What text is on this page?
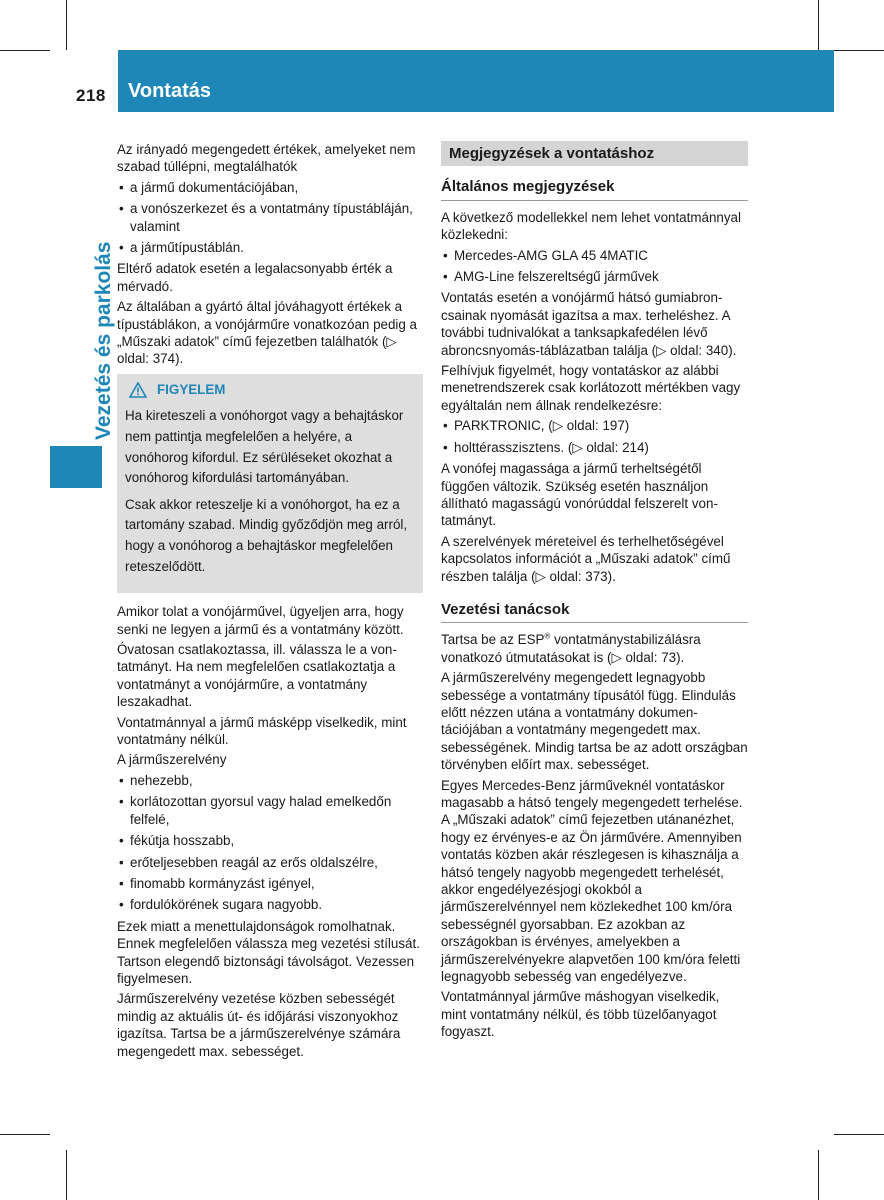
218 Vontatás
Vezetés és parkolás

Az irányadó megengedett értékek, amelyeket nem szabad túllépni, megtalálhatók

• a jármű dokumentációjában,
• a vonószerkezet és a vontatmány típustábláján, valamint
• a járműtípustáblán.

Eltérő adatok esetén a legalacsonyabb érték a mérvadó.

Az általában a gyártó által jóváhagyott értékek a típustáblákon, a vonójárműre vonatkozóan pedig a „Műszaki adatok” című fejezetben találhatók (▷ oldal: 374).

FIGYELEM

Ha kireteszeli a vonóhorgot vagy a behajtáskor nem pattintja megfelelően a helyére, a vonóhorog kifordul. Ez sérüléseket okozhat a vonóhorog kifordulási tartományában.

Csak akkor reteszelje ki a vonóhorgot, ha ez a tartomány szabad. Mindig győződjön meg arról, hogy a vonóhorog a behajtáskor megfelelően reteszelődött.

Amikor tolat a vonójárművel, ügyeljen arra, hogy senki ne legyen a jármű és a vontatmány között.

Óvatosan csatlakoztassa, ill. válassza le a vontatmányt. Ha nem megfelelően csatlakoztatja a vontatmányt a vonójárműre, a vontatmány leszakadhat.

Vontatmánnyal a jármű másképp viselkedik, mint vontatmány nélkül.

A járműszerelvény

• nehezebb,
• korlátozottan gyorsul vagy halad emelkedőn felfelé,
• fékútja hosszabb,
• erőteljesebben reagál az erős oldalszélre,
• finomabb kormányzást igényel,
• fordulókörének sugara nagyobb.

Ezek miatt a menettulajdonságok romolhatnak. Ennek megfelelően válassza meg vezetési stílusát. Tartson elegendő biztonsági távolságot. Vezessen figyelmesen.

Járműszerelvény vezetése közben sebességét mindig az aktuális út- és időjárási viszonyokhoz igazítsa. Tartsa be a járműszerelvénye számára megengedett max. sebességet.

Megjegyzések a vontatáshoz
Általános megjegyzések

A következő modellekkel nem lehet vontatmánnyal közlekedni:

• Mercedes-AMG GLA 45 4MATIC
• AMG-Line felszereltségű járművek

Vontatás esetén a vonójármű hátsó gumiabroncsainak nyomását igazítsa a max. terheléshez. A további tudnivalókat a tanksapkafedélen lévő abroncsnyomás-táblázatban találja (▷ oldal: 340).

Felhívjuk figyelmét, hogy vontatáskor az alábbi menetrendszerek csak korlátozott mértékben vagy egyáltalán nem állnak rendelkezésre:

• PARKTRONIC, (▷ oldal: 197)
• holttérasszisztens. (▷ oldal: 214)

A vonófej magassága a jármű terheltségétől függően változik. Szükség esetén használjon állítható magasságú vonórúddal felszerelt vontatmányt.

A szerelvények méreteivel és terhelhetőségével kapcsolatos információt a „Műszaki adatok” című részben találja (▷ oldal: 373).

Vezetési tanácsok

Tartsa be az ESP® vontatmánystabilizálásra vonatkozó útmutatásokat is (▷ oldal: 73).

A járműszerelvény megengedett legnagyobb sebessége a vontatmány típusától függ. Elindulás előtt nézzen utána a vontatmány dokumentációjában a vontatmány megengedett max. sebességének. Mindig tartsa be az adott országban törvényben előírt max. sebességet.

Egyes Mercedes-Benz járműveknél vontatáskor magasabb a hátsó tengely megengedett terhelése. A „Műszaki adatok” című fejezetben utánanézhet, hogy ez érvényes-e az Ön járművére. Amennyiben vontatás közben akár részlegesen is kihasználja a hátsó tengely nagyobb megengedett terhelését, akkor engedélyezésjogi okokból a járműszerelvénnyel nem közlekedhet 100 km/óra sebességnél gyorsabban. Ez azokban az országokban is érvényes, amelyekben a járműszerelvényekre alapvetően 100 km/óra feletti legnagyobb sebesség van engedélyezve.

Vontatmánnyal járműve máshogyan viselkedik, mint vontatmány nélkül, és több tüzelőanyagot fogyaszt.
